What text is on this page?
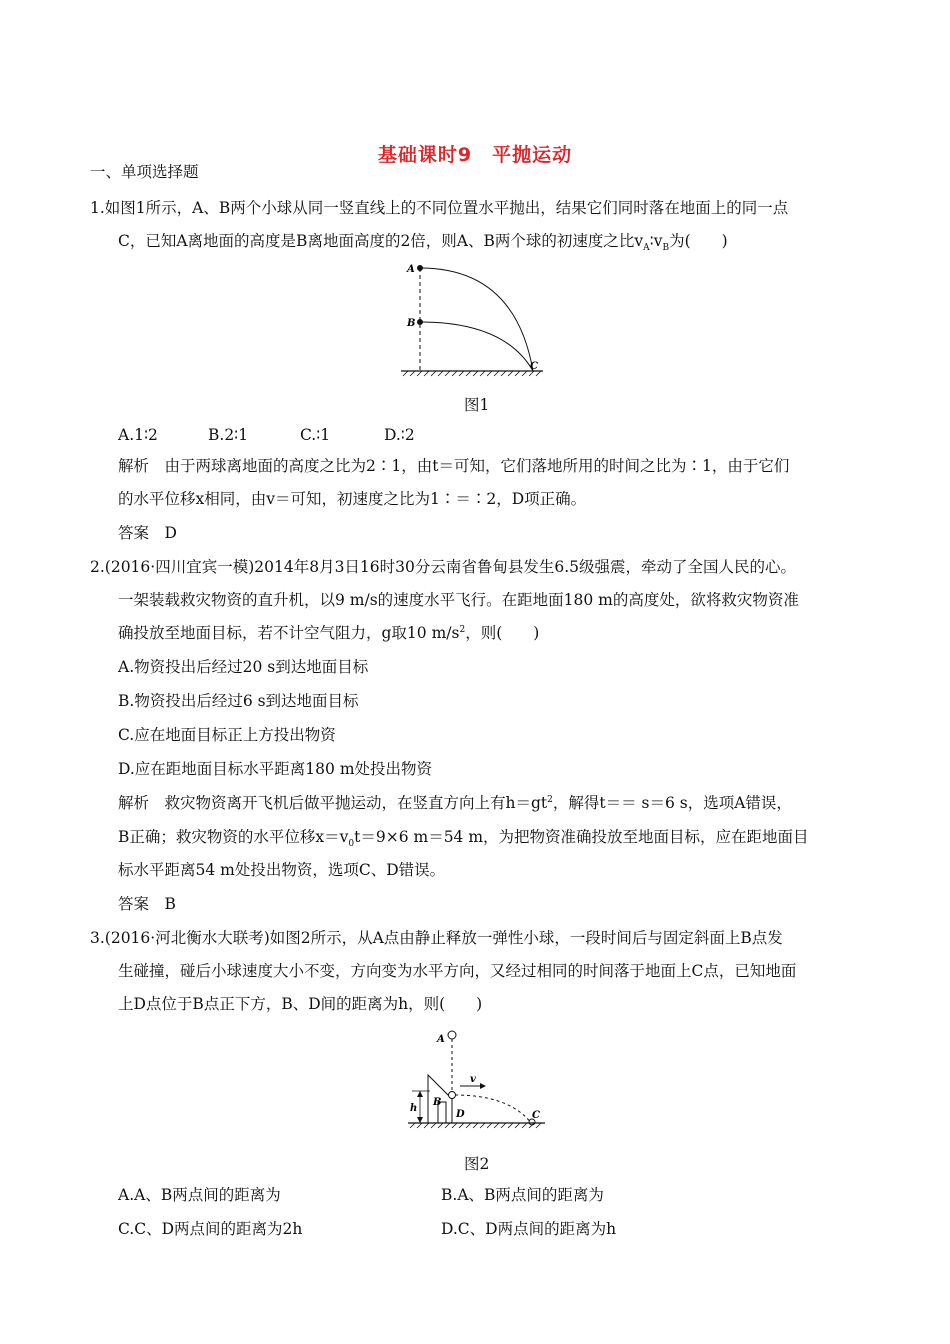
基础课时9　平抛运动
一、单项选择题
1.如图1所示，A、B两个小球从同一竖直线上的不同位置水平抛出，结果它们同时落在地面上的同一点
C，已知A离地面的高度是B离地面高度的2倍，则A、B两个球的初速度之比$v_A∶v_B$为(　　)
A
B
C
图1
A.1∶2	B.2∶1	C.∶1	D.∶2
解析　由于两球离地面的高度之比为2∶1，由t＝可知，它们落地所用的时间之比为∶1，由于它们
的水平位移x相同，由v＝可知，初速度之比为1∶＝∶2，D项正确。
答案　D
2.(2016·四川宜宾一模)2014年8月3日16时30分云南省鲁甸县发生6.5级强震，牵动了全国人民的心。
一架装载救灾物资的直升机，以9 m/s的速度水平飞行。在距地面180 m的高度处，欲将救灾物资准
确投放至地面目标，若不计空气阻力，g取10 $m/s^2$，则(　　)
A.物资投出后经过20 s到达地面目标
B.物资投出后经过6 s到达地面目标
C.应在地面目标正上方投出物资
D.应在距地面目标水平距离180 m处投出物资
解析　救灾物资离开飞机后做平抛运动，在竖直方向上有$h=gt^2$，解得t＝＝ s＝6 s，选项A错误，
B正确；救灾物资的水平位移$x=v_0t=9\times 6$ m＝54 m，为把物资准确投放至地面目标，应在距地面目
标水平距离54 m处投出物资，选项C、D错误。
答案　B
3.(2016·河北衡水大联考)如图2所示，从A点由静止释放一弹性小球，一段时间后与固定斜面上B点发
生碰撞，碰后小球速度大小不变，方向变为水平方向，又经过相同的时间落于地面上C点，已知地面
上D点位于B点正下方，B、D间的距离为h，则(　　)
A
B
D	C
h
v
图2
A.A、B两点间的距离为	B.A、B两点间的距离为
C.C、D两点间的距离为2h	D.C、D两点间的距离为h
